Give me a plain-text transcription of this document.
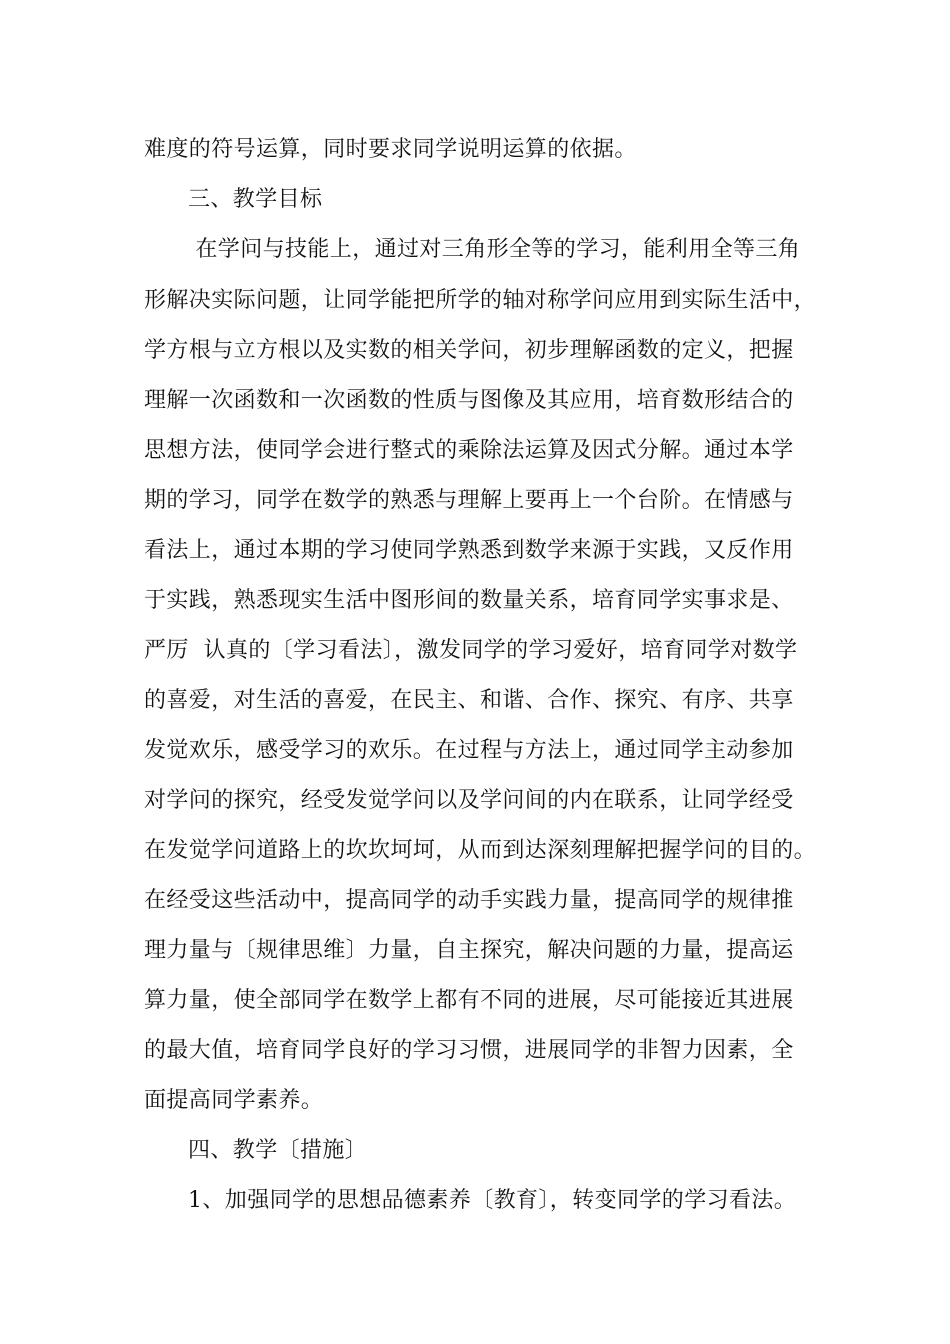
难度的符号运算，同时要求同学说明运算的依据。
三、教学目标
在学问与技能上，通过对三角形全等的学习，能利用全等三角
形解决实际问题，让同学能把所学的轴对称学问应用到实际生活中，
学方根与立方根以及实数的相关学问，初步理解函数的定义，把握
理解一次函数和一次函数的性质与图像及其应用，培育数形结合的
思想方法，使同学会进行整式的乘除法运算及因式分解。通过本学
期的学习，同学在数学的熟悉与理解上要再上一个台阶。在情感与
看法上，通过本期的学习使同学熟悉到数学来源于实践，又反作用
于实践，熟悉现实生活中图形间的数量关系，培育同学实事求是、
严厉  认真的〔学习看法〕，激发同学的学习爱好，培育同学对数学
的喜爱，对生活的喜爱，在民主、和谐、合作、探究、有序、共享
发觉欢乐，感受学习的欢乐。在过程与方法上，通过同学主动参加
对学问的探究，经受发觉学问以及学问间的内在联系，让同学经受
在发觉学问道路上的坎坎坷坷，从而到达深刻理解把握学问的目的。
在经受这些活动中，提高同学的动手实践力量，提高同学的规律推
理力量与〔规律思维〕力量，自主探究，解决问题的力量，提高运
算力量，使全部同学在数学上都有不同的进展，尽可能接近其进展
的最大值，培育同学良好的学习习惯，进展同学的非智力因素，全
面提高同学素养。
四、教学〔措施〕
1、加强同学的思想品德素养〔教育〕，转变同学的学习看法。
